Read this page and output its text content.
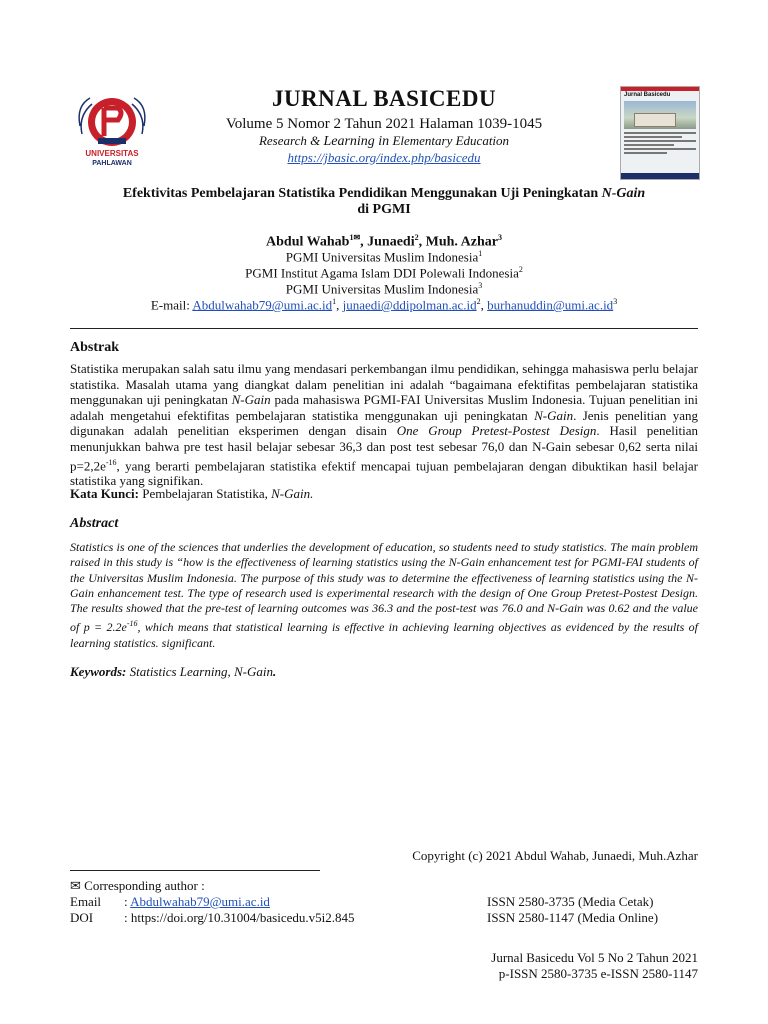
UNIVERSITAS
PAHLAWAN
Jurnal Basicedu
JURNAL BASICEDU
Volume 5 Nomor 2 Tahun 2021 Halaman 1039-1045
Research & Learning in Elementary Education
https://jbasic.org/index.php/basicedu
Efektivitas Pembelajaran Statistika Pendidikan Menggunakan Uji Peningkatan N-Gain
di PGMI
Abdul Wahab$^{1✉}$, Junaedi$^2$, Muh. Azhar$^3$
PGMI Universitas Muslim Indonesia$^1$
PGMI Institut Agama Islam DDI Polewali Indonesia$^2$
PGMI Universitas Muslim Indonesia$^3$
E-mail: $Abdulwahab79@umi.ac.id^1$, $junaedi@ddipolman.ac.id^2$, $burhanuddin@umi.ac.id^3$
Abstrak
Statistika merupakan salah satu ilmu yang mendasari perkembangan ilmu pendidikan, sehingga mahasiswa perlu belajar statistika. Masalah utama yang diangkat dalam penelitian ini adalah “bagaimana efektifitas pembelajaran statistika menggunakan uji peningkatan N-Gain pada mahasiswa PGMI-FAI Universitas Muslim Indonesia. Tujuan penelitian ini adalah mengetahui efektifitas pembelajaran statistika menggunakan uji peningkatan N-Gain. Jenis penelitian yang digunakan adalah penelitian eksperimen dengan disain One Group Pretest-Postest Design. Hasil penelitian menunjukkan bahwa pre test hasil belajar sebesar 36,3 dan post test sebesar 76,0 dan N-Gain sebesar 0,62 serta nilai $p=2,2e^{-16}$, yang berarti pembelajaran statistika efektif mencapai tujuan pembelajaran dengan dibuktikan hasil belajar statistika yang signifikan.
Kata Kunci: Pembelajaran Statistika, N-Gain.
Abstract
Statistics is one of the sciences that underlies the development of education, so students need to study statistics. The main problem raised in this study is “how is the effectiveness of learning statistics using the N-Gain enhancement test for PGMI-FAI students of the Universitas Muslim Indonesia. The purpose of this study was to determine the effectiveness of learning statistics using the N-Gain enhancement test. The type of research used is experimental research with the design of One Group Pretest-Postest Design. The results showed that the pre-test of learning outcomes was 36.3 and the post-test was 76.0 and N-Gain was 0.62 and the value of $p = 2.2e^{-16}$, which means that statistical learning is effective in achieving learning objectives as evidenced by the results of learning statistics. significant.
Keywords: Statistics Learning, N-Gain.
Copyright (c) 2021 Abdul Wahab, Junaedi, Muh.Azhar
✉ Corresponding author :
Email : Abdulwahab79@umi.ac.id
DOI : https://doi.org/10.31004/basicedu.v5i2.845
ISSN 2580-3735 (Media Cetak)
ISSN 2580-1147 (Media Online)
Jurnal Basicedu Vol 5 No 2 Tahun 2021
p-ISSN 2580-3735 e-ISSN 2580-1147
